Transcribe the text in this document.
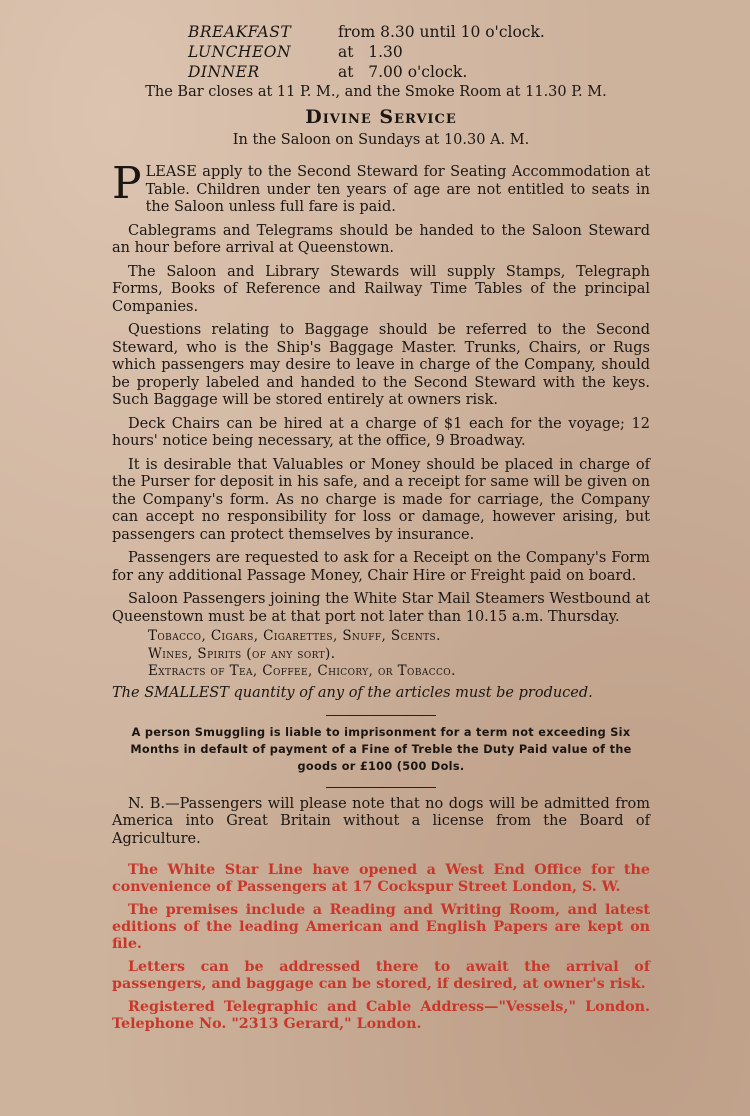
BREAKFAST	from 8.30 until 10 o'clock.
LUNCHEON	at   1.30
DINNER	at   7.00 o'clock.
The Bar closes at 11 P. M., and the Smoke Room at 11.30 P. M.
Divine Service
In the Saloon on Sundays at 10.30 A. M.

PLEASE apply to the Second Steward for Seating Accommodation at Table. Children under ten years of age are not entitled to seats in the Saloon unless full fare is paid.

Cablegrams and Telegrams should be handed to the Saloon Steward an hour before arrival at Queenstown.

The Saloon and Library Stewards will supply Stamps, Telegraph Forms, Books of Reference and Railway Time Tables of the principal Companies.

Questions relating to Baggage should be referred to the Second Steward, who is the Ship's Baggage Master. Trunks, Chairs, or Rugs which passengers may desire to leave in charge of the Company, should be properly labeled and handed to the Second Steward with the keys. Such Baggage will be stored entirely at owners risk.

Deck Chairs can be hired at a charge of $1 each for the voyage; 12 hours' notice being necessary, at the office, 9 Broadway.

It is desirable that Valuables or Money should be placed in charge of the Purser for deposit in his safe, and a receipt for same will be given on the Company's form. As no charge is made for carriage, the Company can accept no responsibility for loss or damage, however arising, but passengers can protect themselves by insurance.

Passengers are requested to ask for a Receipt on the Company's Form for any additional Passage Money, Chair Hire or Freight paid on board.

Saloon Passengers joining the White Star Mail Steamers Westbound at Queenstown must be at that port not later than 10.15 a.m. Thursday.

Tobacco, Cigars, Cigarettes, Snuff, Scents.
Wines, Spirits (of any sort).
Extracts of Tea, Coffee, Chicory, or Tobacco.
The SMALLEST quantity of any of the articles must be produced.
A person Smuggling is liable to imprisonment for a term not exceeding Six Months in default of payment of a Fine of Treble the Duty Paid value of the goods or £100 (500 Dols.

N. B.—Passengers will please note that no dogs will be admitted from America into Great Britain without a license from the Board of Agriculture.

The White Star Line have opened a West End Office for the convenience of Passengers at 17 Cockspur Street London, S. W.

The premises include a Reading and Writing Room, and latest editions of the leading American and English Papers are kept on file.

Letters can be addressed there to await the arrival of passengers, and baggage can be stored, if desired, at owner's risk.

Registered Telegraphic and Cable Address—"Vessels," London. Telephone No. "2313 Gerard," London.
